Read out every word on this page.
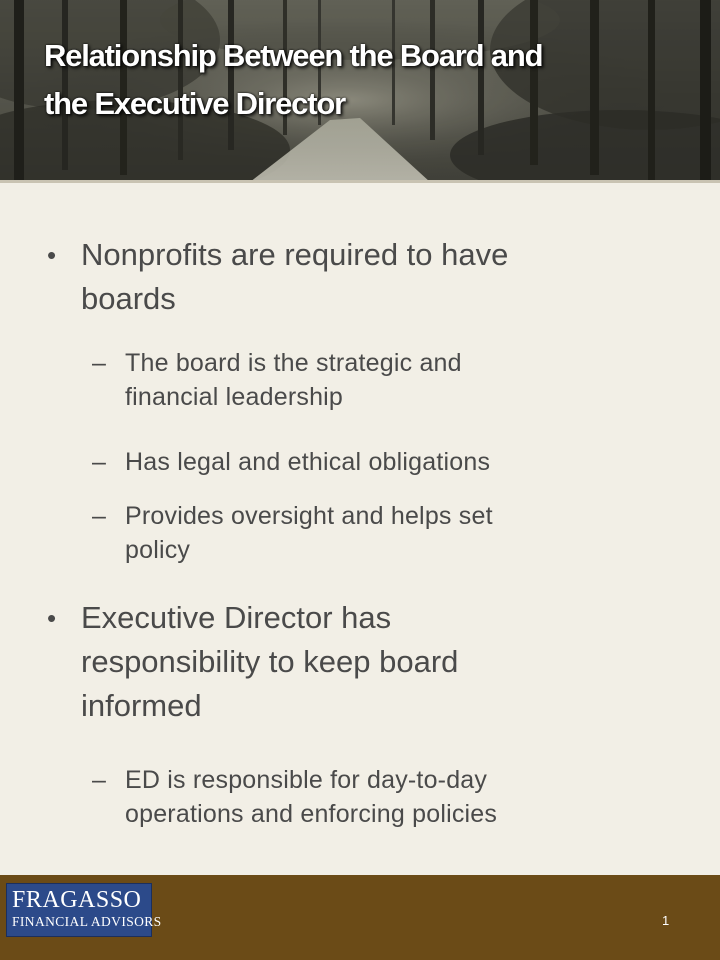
Relationship Between the Board and
the Executive Director

• Nonprofits are required to have
boards

– The board is the strategic and
financial leadership

– Has legal and ethical obligations

– Provides oversight and helps set
policy

• Executive Director has
responsibility to keep board
informed

– ED is responsible for day-to-day
operations and enforcing policies

FRAGASSO
FINANCIAL ADVISORS	1
